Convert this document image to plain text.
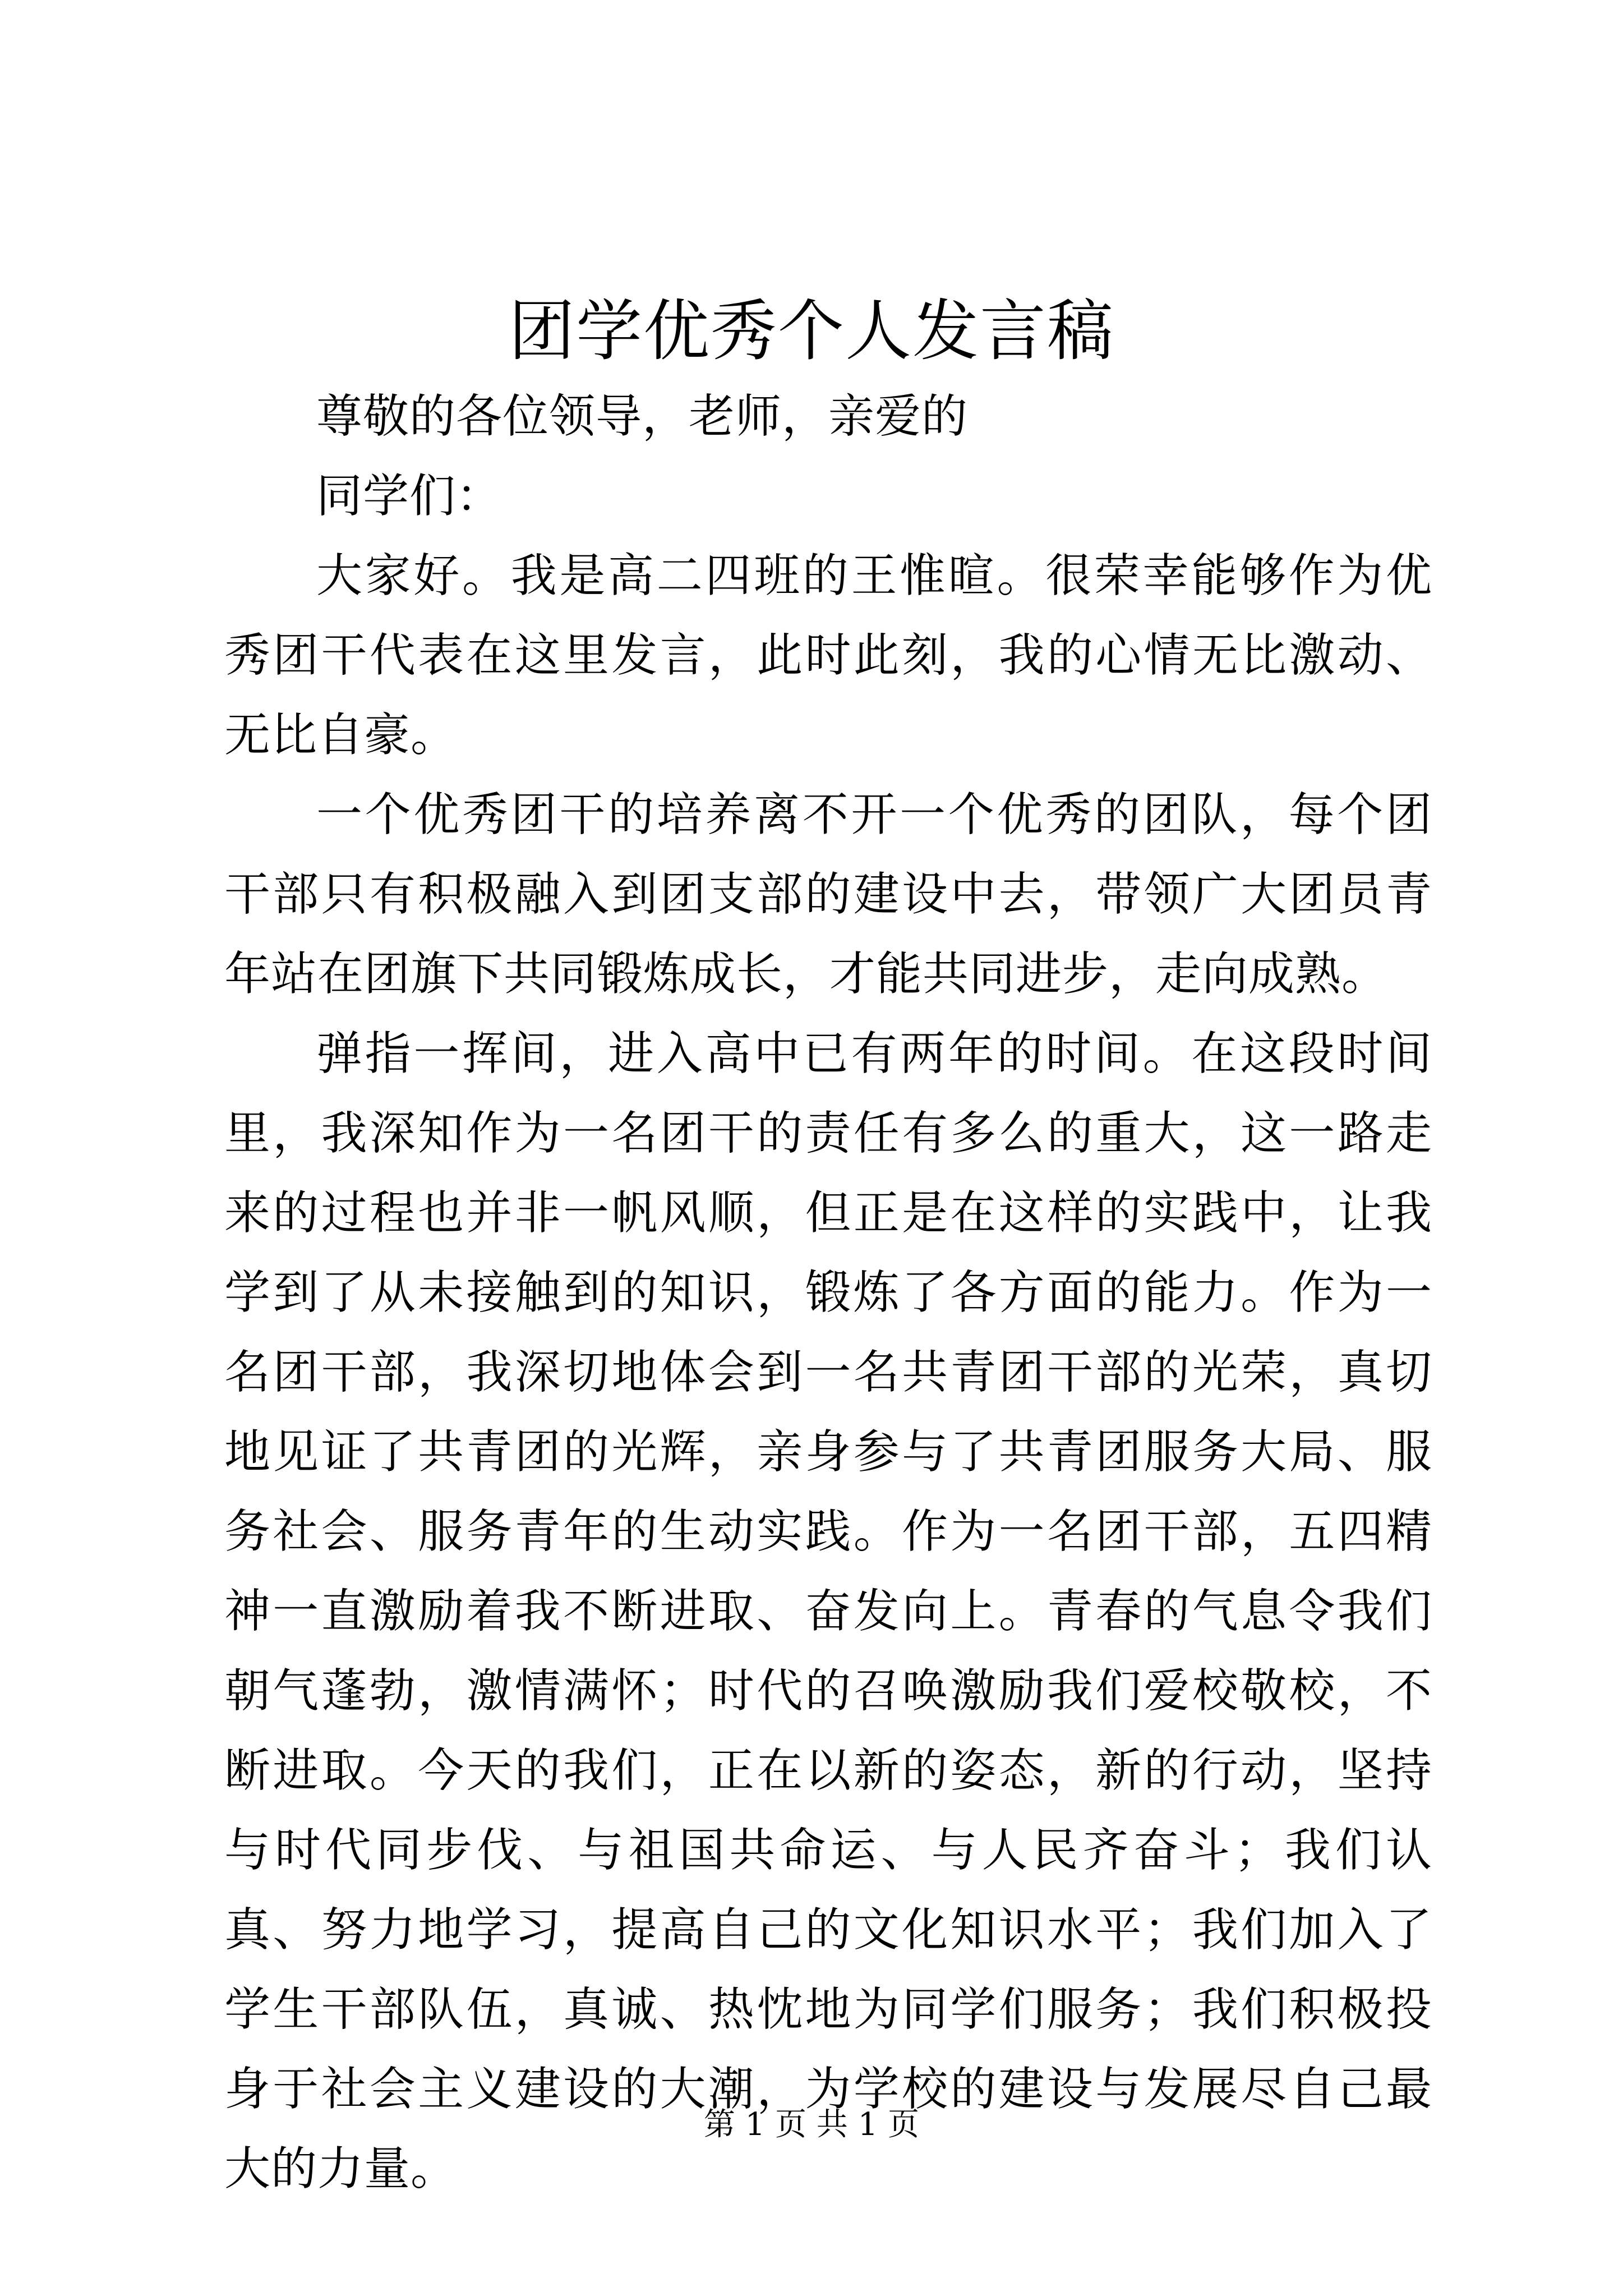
团学优秀个人发言稿

尊敬的各位领导，老师，亲爱的

同学们：

大家好。我是高二四班的王惟暄。很荣幸能够作为优秀团干代表在这里发言，此时此刻，我的心情无比激动、无比自豪。

一个优秀团干的培养离不开一个优秀的团队，每个团干部只有积极融入到团支部的建设中去，带领广大团员青年站在团旗下共同锻炼成长，才能共同进步，走向成熟。

弹指一挥间，进入高中已有两年的时间。在这段时间里，我深知作为一名团干的责任有多么的重大，这一路走来的过程也并非一帆风顺，但正是在这样的实践中，让我学到了从未接触到的知识，锻炼了各方面的能力。作为一名团干部，我深切地体会到一名共青团干部的光荣，真切地见证了共青团的光辉，亲身参与了共青团服务大局、服务社会、服务青年的生动实践。作为一名团干部，五四精神一直激励着我不断进取、奋发向上。青春的气息令我们朝气蓬勃，激情满怀；时代的召唤激励我们爱校敬校，不断进取。今天的我们，正在以新的姿态，新的行动，坚持与时代同步伐、与祖国共命运、与人民齐奋斗；我们认真、努力地学习，提高自己的文化知识水平；我们加入了学生干部队伍，真诚、热忱地为同学们服务；我们积极投身于社会主义建设的大潮，为学校的建设与发展尽自己最大的力量。

第 1 页 共 1 页
